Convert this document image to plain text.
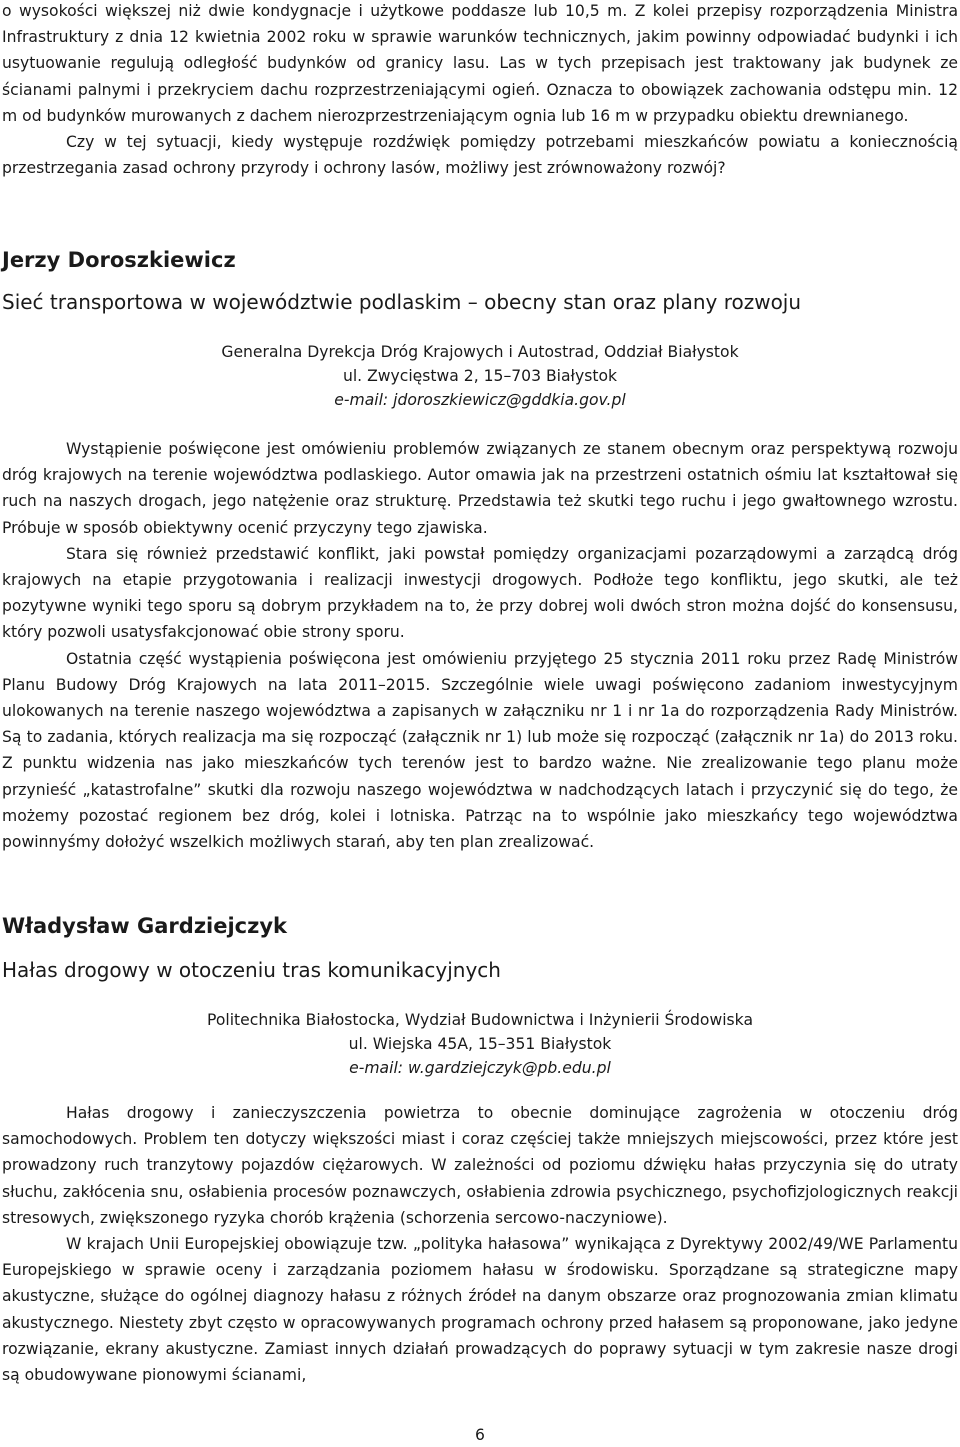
o wysokości większej niż dwie kondygnacje i użytkowe poddasze lub 10,5 m. Z kolei przepisy rozporządzenia Ministra Infrastruktury z dnia 12 kwietnia 2002 roku w sprawie warunków technicznych, jakim powinny odpowiadać budynki i ich usytuowanie regulują odległość budynków od granicy lasu. Las w tych przepisach jest traktowany jak budynek ze ścianami palnymi i przekryciem dachu rozprzestrzeniającymi ogień. Oznacza to obowiązek zachowania odstępu min. 12 m od budynków murowanych z dachem nierozprzestrzeniającym ognia lub 16 m w przypadku obiektu drewnianego.

Czy w tej sytuacji, kiedy występuje rozdźwięk pomiędzy potrzebami mieszkańców powiatu a koniecznością przestrzegania zasad ochrony przyrody i ochrony lasów, możliwy jest zrównoważony rozwój?

Jerzy Doroszkiewicz
Sieć transportowa w województwie podlaskim – obecny stan oraz plany rozwoju

Generalna Dyrekcja Dróg Krajowych i Autostrad, Oddział Białystok

ul. Zwycięstwa 2, 15–703 Białystok

e-mail: jdoroszkiewicz@gddkia.gov.pl

Wystąpienie poświęcone jest omówieniu problemów związanych ze stanem obecnym oraz perspektywą rozwoju dróg krajowych na terenie województwa podlaskiego. Autor omawia jak na przestrzeni ostatnich ośmiu lat kształtował się ruch na naszych drogach, jego natężenie oraz strukturę. Przedstawia też skutki tego ruchu i jego gwałtownego wzrostu. Próbuje w sposób obiektywny ocenić przyczyny tego zjawiska.

Stara się również przedstawić konflikt, jaki powstał pomiędzy organizacjami pozarządowymi a zarządcą dróg krajowych na etapie przygotowania i realizacji inwestycji drogowych. Podłoże tego konfliktu, jego skutki, ale też pozytywne wyniki tego sporu są dobrym przykładem na to, że przy dobrej woli dwóch stron można dojść do konsensusu, który pozwoli usatysfakcjonować obie strony sporu.

Ostatnia część wystąpienia poświęcona jest omówieniu przyjętego 25 stycznia 2011 roku przez Radę Ministrów Planu Budowy Dróg Krajowych na lata 2011–2015. Szczególnie wiele uwagi poświęcono zadaniom inwestycyjnym ulokowanych na terenie naszego województwa a zapisanych w załączniku nr 1 i nr 1a do rozporządzenia Rady Ministrów. Są to zadania, których realizacja ma się rozpocząć (załącznik nr 1) lub może się rozpocząć (załącznik nr 1a) do 2013 roku. Z punktu widzenia nas jako mieszkańców tych terenów jest to bardzo ważne. Nie zrealizowanie tego planu może przynieść „katastrofalne” skutki dla rozwoju naszego województwa w nadchodzących latach i przyczynić się do tego, że możemy pozostać regionem bez dróg, kolei i lotniska. Patrząc na to wspólnie jako mieszkańcy tego województwa powinnyśmy dołożyć wszelkich możliwych starań, aby ten plan zrealizować.

Władysław Gardziejczyk
Hałas drogowy w otoczeniu tras komunikacyjnych

Politechnika Białostocka, Wydział Budownictwa i Inżynierii Środowiska

ul. Wiejska 45A, 15–351 Białystok

e-mail: w.gardziejczyk@pb.edu.pl

Hałas drogowy i zanieczyszczenia powietrza to obecnie dominujące zagrożenia w otoczeniu dróg samochodowych. Problem ten dotyczy większości miast i coraz częściej także mniejszych miejscowości, przez które jest prowadzony ruch tranzytowy pojazdów ciężarowych. W zależności od poziomu dźwięku hałas przyczynia się do utraty słuchu, zakłócenia snu, osłabienia procesów poznawczych, osłabienia zdrowia psychicznego, psychofizjologicznych reakcji stresowych, zwiększonego ryzyka chorób krążenia (schorzenia sercowo-naczyniowe).

W krajach Unii Europejskiej obowiązuje tzw. „polityka hałasowa” wynikająca z Dyrektywy 2002/49/WE Parlamentu Europejskiego w sprawie oceny i zarządzania poziomem hałasu w środowisku. Sporządzane są strategiczne mapy akustyczne, służące do ogólnej diagnozy hałasu z różnych źródeł na danym obszarze oraz prognozowania zmian klimatu akustycznego. Niestety zbyt często w opracowywanych programach ochrony przed hałasem są proponowane, jako jedyne rozwiązanie, ekrany akustyczne. Zamiast innych działań prowadzących do poprawy sytuacji w tym zakresie nasze drogi są obudowywane pionowymi ścianami,

6
